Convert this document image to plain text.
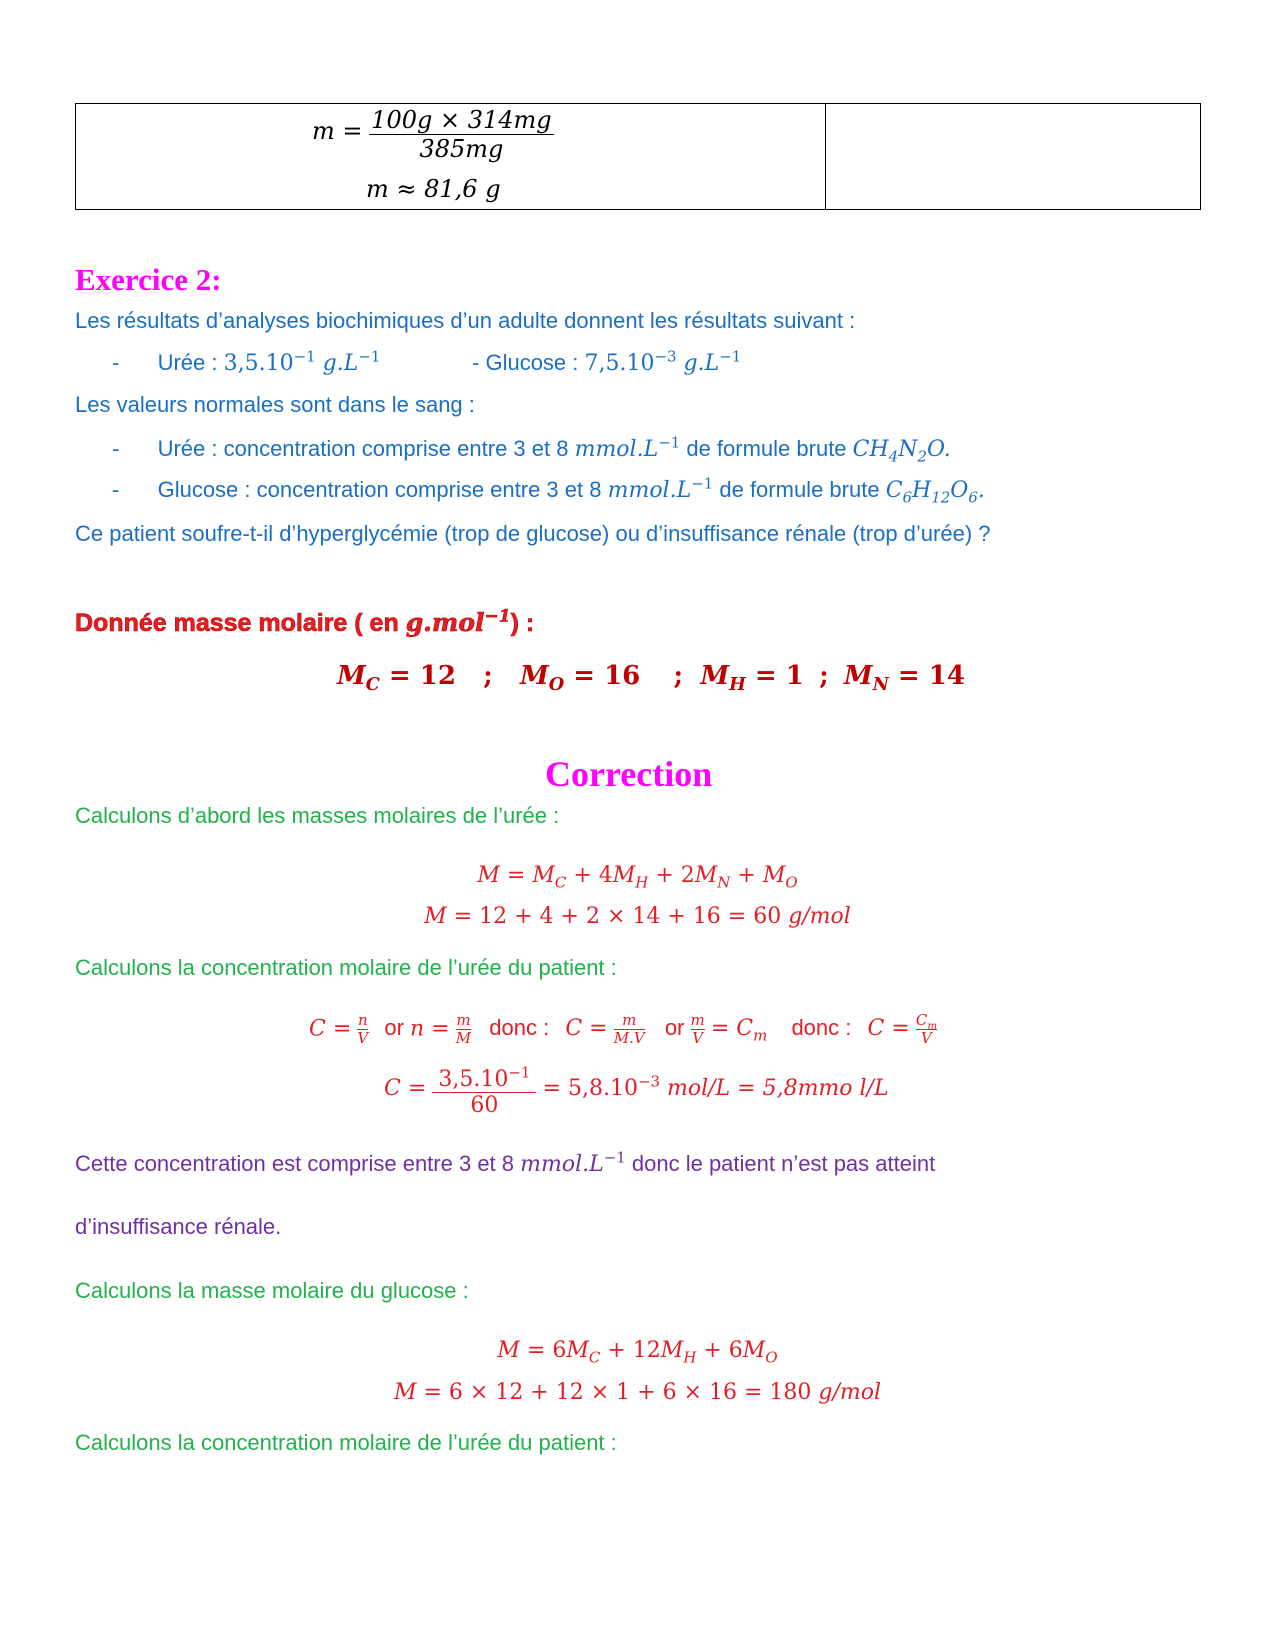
$m = \frac{100g \times 314mg}{385mg}$
m ≈ 81,6 g
Exercice 2:
Les résultats d’analyses biochimiques d’un adulte donnent les résultats suivant :
- Urée : $3,5.10^{-1}$ $g.L^{-1}$	- Glucose : $7,5.10^{-3}$ $g.L^{-1}$
Les valeurs normales sont dans le sang :
- Urée : concentration comprise entre 3 et 8 $mmol.L^{-1}$ de formule brute $CH_4N_2O$.
- Glucose : concentration comprise entre 3 et 8 $mmol.L^{-1}$ de formule brute $C_6H_{12}O_6$.
Ce patient soufre-t-il d’hyperglycémie (trop de glucose) ou d’insuffisance rénale (trop d’urée) ?
Donnée masse molaire ( en g.mol$^{-1}$) :
$M_C = 12$ ; $M_O = 16$ ; $M_H = 1$ ; $M_N = 14$
Correction
Calculons d’abord les masses molaires de l’urée :
$M = M_C + 4M_H + 2M_N + M_O$
M = 12 + 4 + 2 × 14 + 16 = 60 g/mol
Calculons la concentration molaire de l’urée du patient :
$C = \frac{n}{V}$ or $n = \frac{m}{M}$ donc : $C = \frac{m}{M.V}$ or $\frac{m}{V} = C_m$ donc : $C = \frac{C_m}{V}$
$C = \frac{3,5.10^{-1}}{60} = 5,8.10^{-3}$ mol/L = 5,8mmo l/L
Cette concentration est comprise entre 3 et 8 $mmol.L^{-1}$ donc le patient n’est pas atteint
d’insuffisance rénale.
Calculons la masse molaire du glucose :
$M = 6M_C + 12M_H + 6M_O$
M = 6 × 12 + 12 × 1 + 6 × 16 = 180 g/mol
Calculons la concentration molaire de l’urée du patient :
